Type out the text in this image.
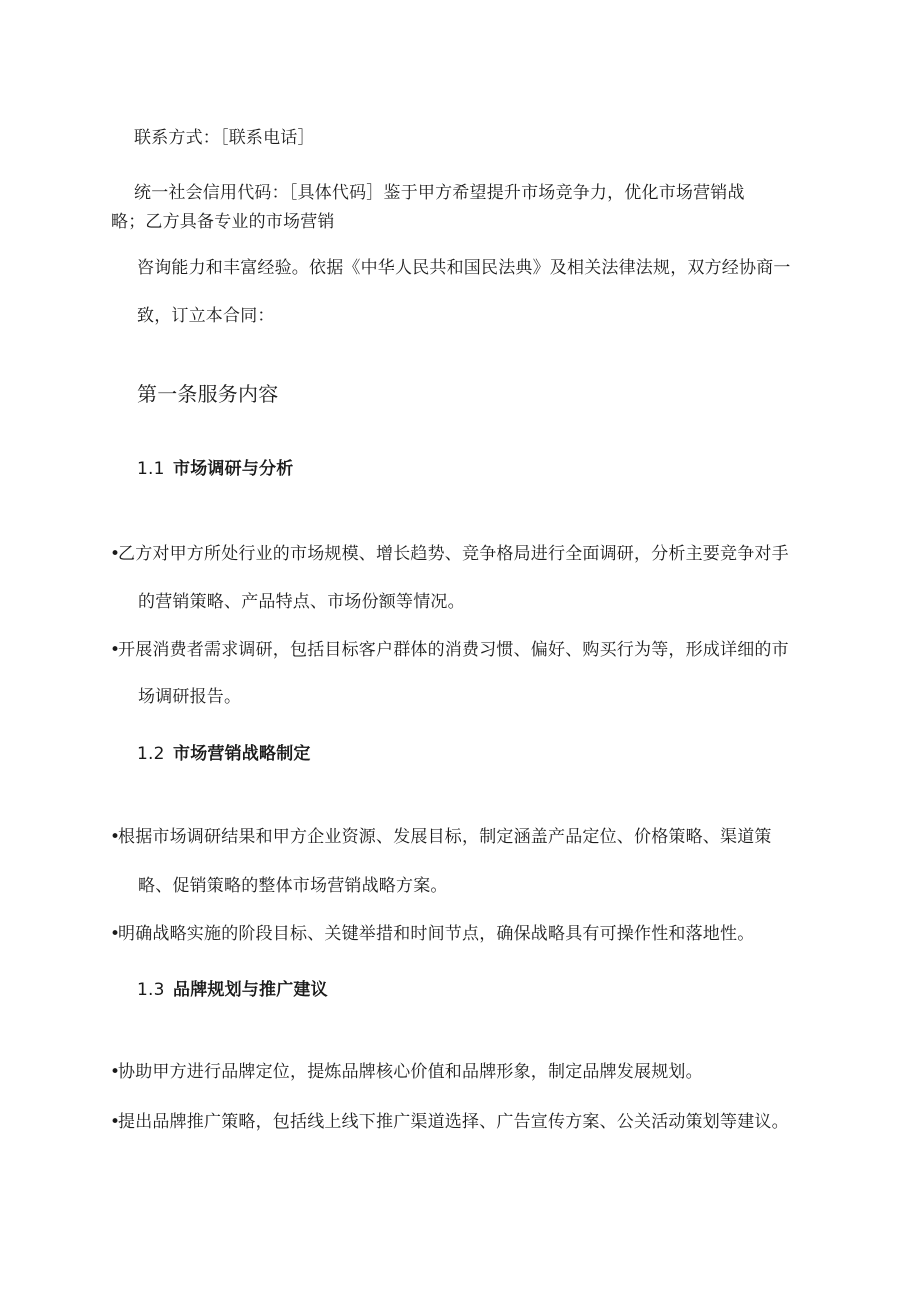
联系方式：［联系电话］
统一社会信用代码：［具体代码］鉴于甲方希望提升市场竞争力，优化市场营销战
略；乙方具备专业的市场营销
咨询能力和丰富经验。依据《中华人民共和国民法典》及相关法律法规，双方经协商一
致，订立本合同：
第一条服务内容
1.1 市场调研与分析
•乙方对甲方所处行业的市场规模、增长趋势、竞争格局进行全面调研，分析主要竞争对手
的营销策略、产品特点、市场份额等情况。
•开展消费者需求调研，包括目标客户群体的消费习惯、偏好、购买行为等，形成详细的市
场调研报告。
1.2 市场营销战略制定
•根据市场调研结果和甲方企业资源、发展目标，制定涵盖产品定位、价格策略、渠道策
略、促销策略的整体市场营销战略方案。
•明确战略实施的阶段目标、关键举措和时间节点，确保战略具有可操作性和落地性。
1.3 品牌规划与推广建议
•协助甲方进行品牌定位，提炼品牌核心价值和品牌形象，制定品牌发展规划。
•提出品牌推广策略，包括线上线下推广渠道选择、广告宣传方案、公关活动策划等建议。
